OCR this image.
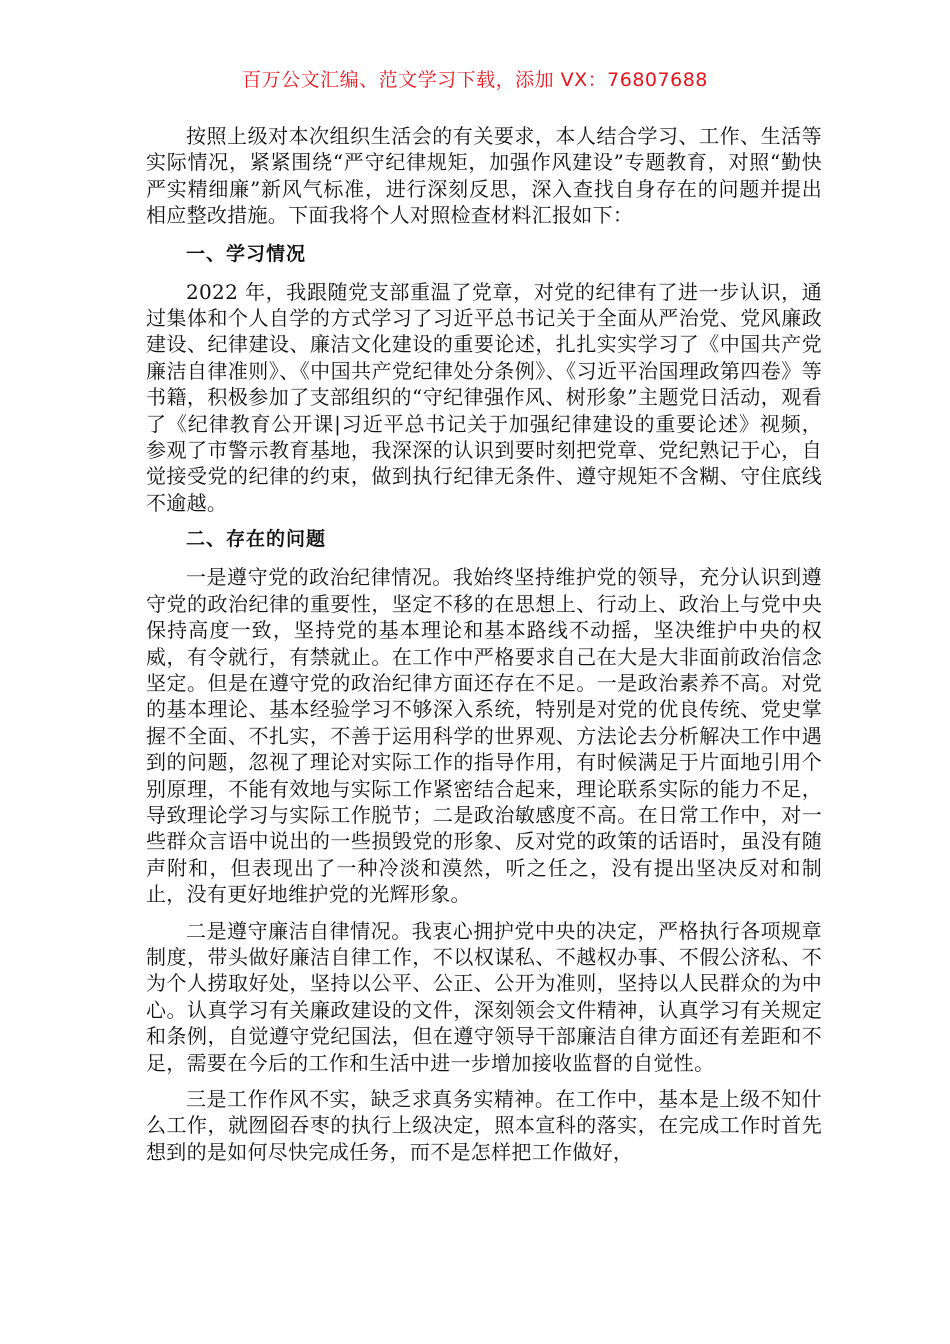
百万公文汇编、范文学习下载，添加 VX：76807688

按照上级对本次组织生活会的有关要求，本人结合学习、工作、生活等实际情况，紧紧围绕“严守纪律规矩，加强作风建设”专题教育，对照“勤快严实精细廉”新风气标准，进行深刻反思，深入查找自身存在的问题并提出相应整改措施。下面我将个人对照检查材料汇报如下：

一、学习情况

2022 年，我跟随党支部重温了党章，对党的纪律有了进一步认识，通过集体和个人自学的方式学习了习近平总书记关于全面从严治党、党风廉政建设、纪律建设、廉洁文化建设的重要论述，扎扎实实学习了《中国共产党廉洁自律准则》、《中国共产党纪律处分条例》、《习近平治国理政第四卷》等书籍，积极参加了支部组织的“守纪律强作风、树形象”主题党日活动，观看了《纪律教育公开课|习近平总书记关于加强纪律建设的重要论述》视频，参观了市警示教育基地，我深深的认识到要时刻把党章、党纪熟记于心，自觉接受党的纪律的约束，做到执行纪律无条件、遵守规矩不含糊、守住底线不逾越。

二、存在的问题

一是遵守党的政治纪律情况。我始终坚持维护党的领导，充分认识到遵守党的政治纪律的重要性，坚定不移的在思想上、行动上、政治上与党中央保持高度一致，坚持党的基本理论和基本路线不动摇，坚决维护中央的权威，有令就行，有禁就止。在工作中严格要求自己在大是大非面前政治信念坚定。但是在遵守党的政治纪律方面还存在不足。一是政治素养不高。对党的基本理论、基本经验学习不够深入系统，特别是对党的优良传统、党史掌握不全面、不扎实，不善于运用科学的世界观、方法论去分析解决工作中遇到的问题，忽视了理论对实际工作的指导作用，有时候满足于片面地引用个别原理，不能有效地与实际工作紧密结合起来，理论联系实际的能力不足，导致理论学习与实际工作脱节；二是政治敏感度不高。在日常工作中，对一些群众言语中说出的一些损毁党的形象、反对党的政策的话语时，虽没有随声附和，但表现出了一种冷淡和漠然，听之任之，没有提出坚决反对和制止，没有更好地维护党的光辉形象。

二是遵守廉洁自律情况。我衷心拥护党中央的决定，严格执行各项规章制度，带头做好廉洁自律工作，不以权谋私、不越权办事、不假公济私、不为个人捞取好处，坚持以公平、公正、公开为准则，坚持以人民群众的为中心。认真学习有关廉政建设的文件，深刻领会文件精神，认真学习有关规定和条例，自觉遵守党纪国法，但在遵守领导干部廉洁自律方面还有差距和不足，需要在今后的工作和生活中进一步增加接收监督的自觉性。

三是工作作风不实，缺乏求真务实精神。在工作中，基本是上级不知什么工作，就囫囵吞枣的执行上级决定，照本宣科的落实，在完成工作时首先想到的是如何尽快完成任务，而不是怎样把工作做好，
